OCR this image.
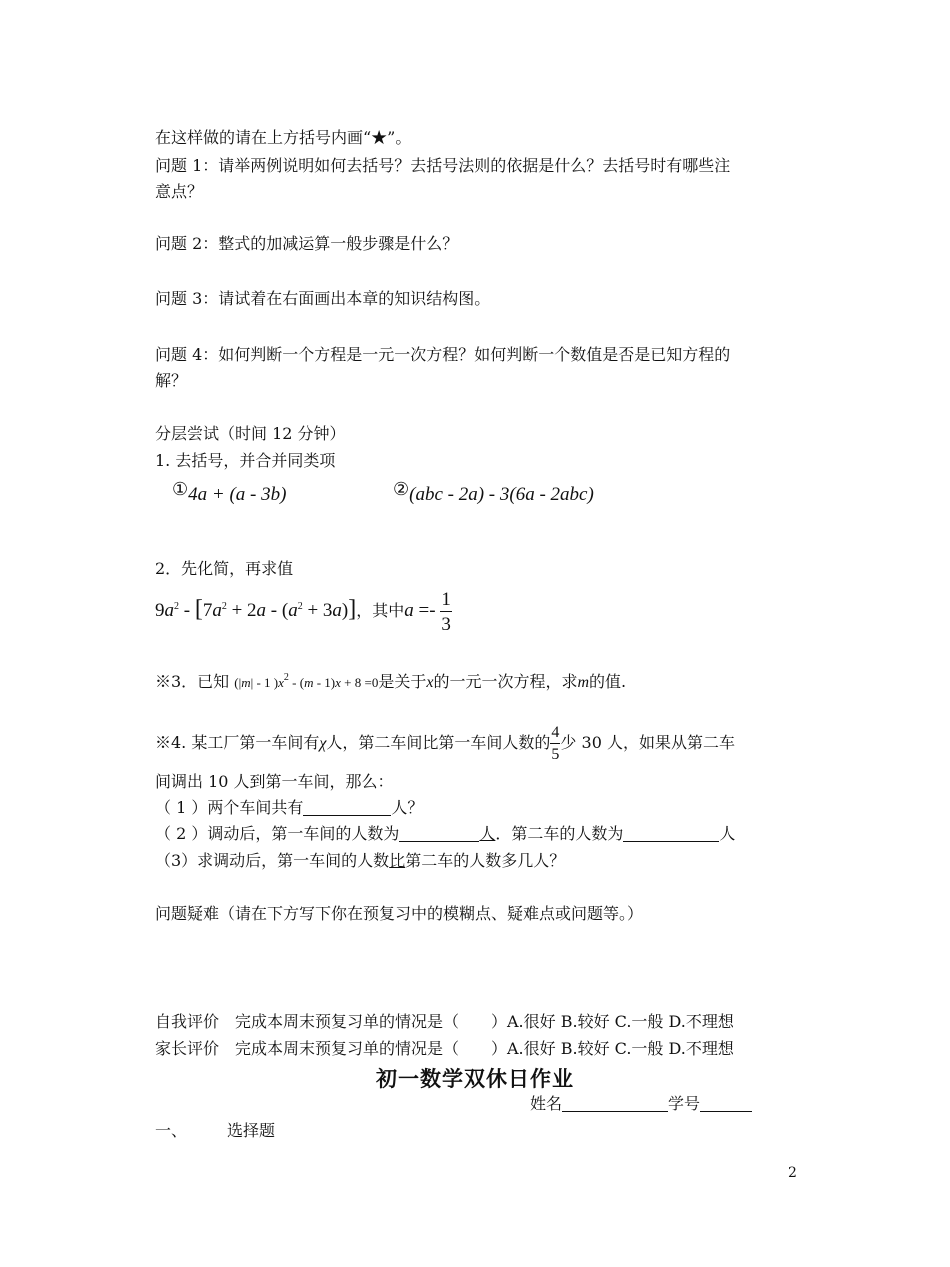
在这样做的请在上方括号内画“★”。
问题 1：请举两例说明如何去括号？去括号法则的依据是什么？去括号时有哪些注
意点？
问题 2：整式的加减运算一般步骤是什么？
问题 3：请试着在右面画出本章的知识结构图。
问题 4：如何判断一个方程是一元一次方程？如何判断一个数值是否是已知方程的
解？
分层尝试（时间 12 分钟）
1. 去括号，并合并同类项
①4a + (a - 3b)	②(abc - 2a) - 3(6a - 2abc)
2．先化简，再求值
$9a^2 - [7a^2 + 2a - (a^2 + 3a)]$，其中$a =- \frac{1}{3}$
※3．已知 (|m| - 1 )$x^2 - (m - 1)x + 8 =0$是关于x的一元一次方程，求m的值.
※4. 某工厂第一车间有χ人，第二车间比第一车间人数的 $\frac{4}{5}$ 少 30 人，如果从第二车
间调出 10 人到第一车间，那么：
（ 1 ）两个车间共有	人？
（ 2 ）调动后，第一车间的人数为	人．第二车的人数为	人
（3）求调动后，第一车间的人数比第二车的人数多几人？
问题疑难（请在下方写下你在预复习中的模糊点、疑难点或问题等。）
自我评价　完成本周末预复习单的情况是（　　）A.很好 B.较好 C.一般 D.不理想
家长评价　完成本周末预复习单的情况是（　　）A.很好 B.较好 C.一般 D.不理想
初一数学双休日作业
姓名	学号
一、	选择题
2
